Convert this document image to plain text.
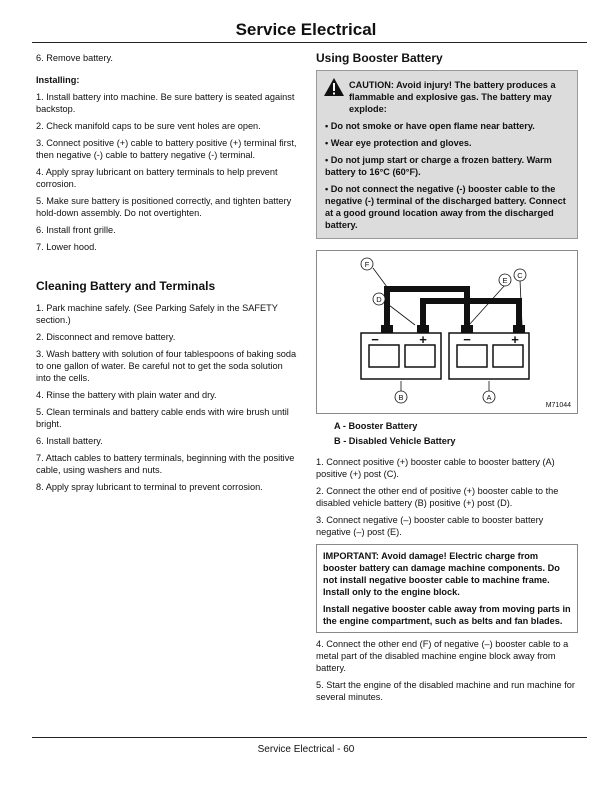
Service Electrical

6. Remove battery.

Installing:

1. Install battery into machine. Be sure battery is seated against backstop.

2. Check manifold caps to be sure vent holes are open.

3. Connect positive (+) cable to battery positive (+) terminal first, then negative (-) cable to battery negative (-) terminal.

4. Apply spray lubricant on battery terminals to help prevent corrosion.

5. Make sure battery is positioned correctly, and tighten battery hold-down assembly. Do not overtighten.

6. Install front grille.

7. Lower hood.

Cleaning Battery and Terminals

1. Park machine safely. (See Parking Safely in the SAFETY section.)

2. Disconnect and remove battery.

3. Wash battery with solution of four tablespoons of baking soda to one gallon of water. Be careful not to get the soda solution into the cells.

4. Rinse the battery with plain water and dry.

5. Clean terminals and battery cable ends with wire brush until bright.

6. Install battery.

7. Attach cables to battery terminals, beginning with the positive cable, using washers and nuts.

8. Apply spray lubricant to terminal to prevent corrosion.

Using Booster Battery

CAUTION: Avoid injury! The battery produces a flammable and explosive gas. The battery may explode:

• Do not smoke or have open flame near battery.

• Wear eye protection and gloves.

• Do not jump start or charge a frozen battery. Warm battery to 16°C (60°F).

• Do not connect the negative (-) booster cable to the negative (-) terminal of the discharged battery. Connect at a good ground location away from the discharged battery.

F
D
E
C
B	A
−	+	−	+
M71044

A - Booster Battery

B - Disabled Vehicle Battery

1. Connect positive (+) booster cable to booster battery (A) positive (+) post (C).

2. Connect the other end of positive (+) booster cable to the disabled vehicle battery (B) positive (+) post (D).

3. Connect negative (–) booster cable to booster battery negative (–) post (E).

IMPORTANT: Avoid damage! Electric charge from booster battery can damage machine components. Do not install negative booster cable to machine frame. Install only to the engine block.

Install negative booster cable away from moving parts in the engine compartment, such as belts and fan blades.

4. Connect the other end (F) of negative (–) booster cable to a metal part of the disabled machine engine block away from battery.

5. Start the engine of the disabled machine and run machine for several minutes.

Service Electrical - 60
